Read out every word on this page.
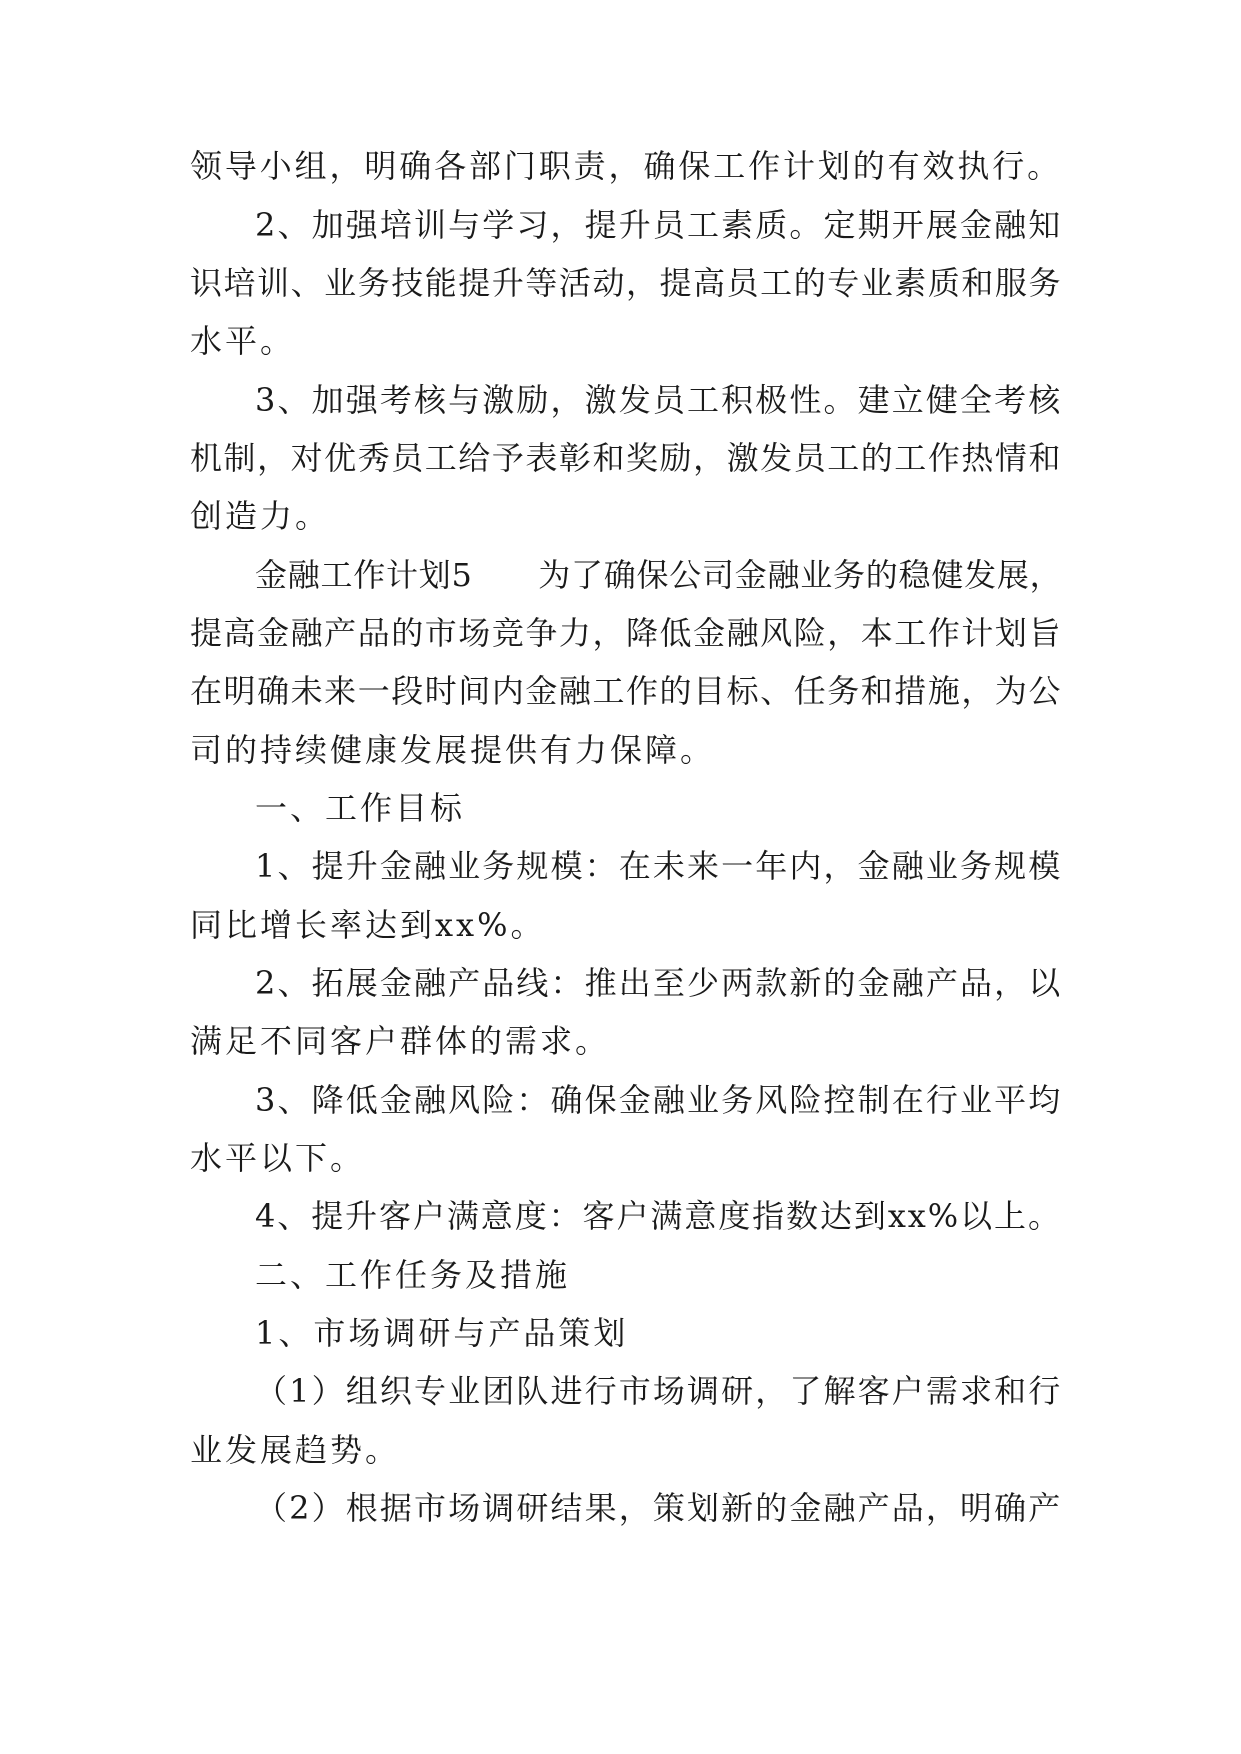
领导小组，明确各部门职责，确保工作计划的有效执行。
2、加强培训与学习，提升员工素质。定期开展金融知
识培训、业务技能提升等活动，提高员工的专业素质和服务
水平。
3、加强考核与激励，激发员工积极性。建立健全考核
机制，对优秀员工给予表彰和奖励，激发员工的工作热情和
创造力。
金融工作计划5　　为了确保公司金融业务的稳健发展，
提高金融产品的市场竞争力，降低金融风险，本工作计划旨
在明确未来一段时间内金融工作的目标、任务和措施，为公
司的持续健康发展提供有力保障。
一、工作目标
1、提升金融业务规模：在未来一年内，金融业务规模
同比增长率达到xx%。
2、拓展金融产品线：推出至少两款新的金融产品，以
满足不同客户群体的需求。
3、降低金融风险：确保金融业务风险控制在行业平均
水平以下。
4、提升客户满意度：客户满意度指数达到xx%以上。
二、工作任务及措施
1、市场调研与产品策划
（1）组织专业团队进行市场调研，了解客户需求和行
业发展趋势。
（2）根据市场调研结果，策划新的金融产品，明确产
